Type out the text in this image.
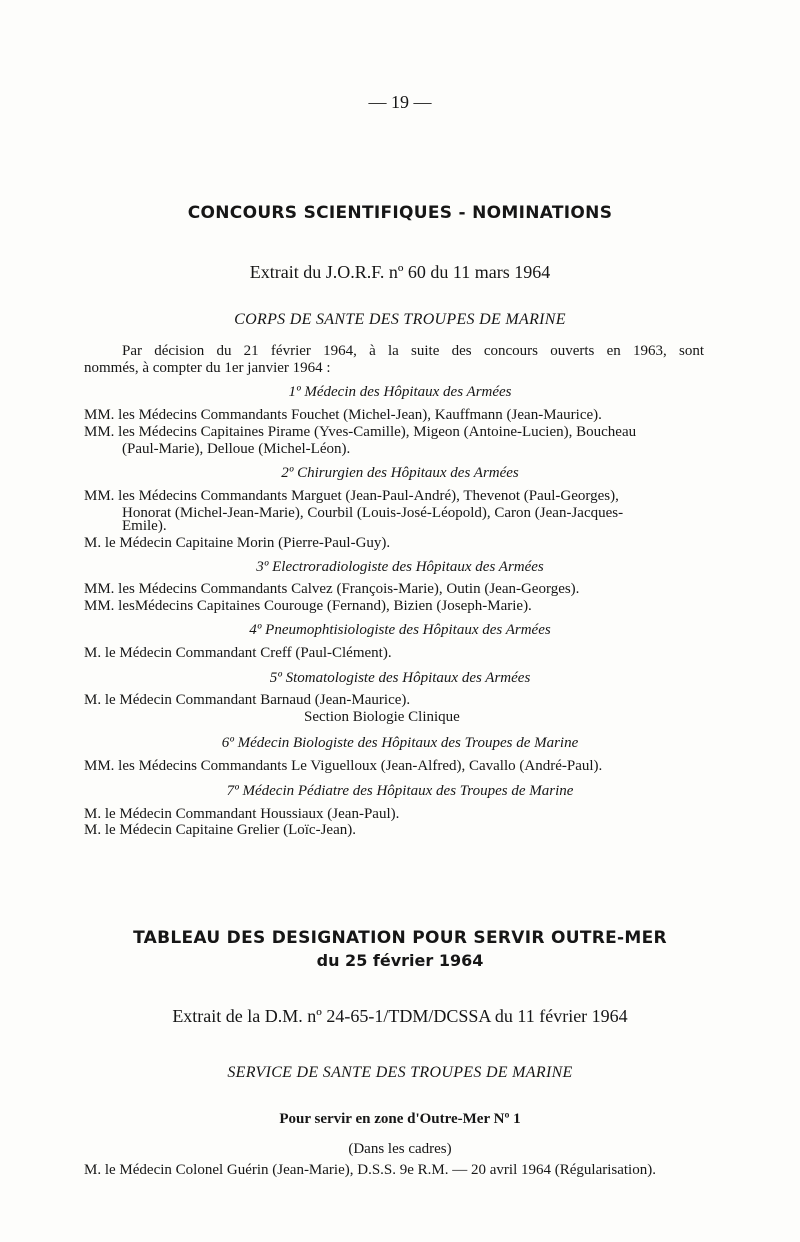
— 19 —
CONCOURS SCIENTIFIQUES - NOMINATIONS
Extrait du J.O.R.F. nº 60 du 11 mars 1964
CORPS DE SANTE DES TROUPES DE MARINE
Par décision du 21 février 1964, à la suite des concours ouverts en 1963, sont
nommés, à compter du 1er janvier 1964 :
1º Médecin des Hôpitaux des Armées
MM. les Médecins Commandants Fouchet (Michel-Jean), Kauffmann (Jean-Maurice).
MM. les Médecins Capitaines Pirame (Yves-Camille), Migeon (Antoine-Lucien), Boucheau
(Paul-Marie), Delloue (Michel-Léon).
2º Chirurgien des Hôpitaux des Armées
MM. les Médecins Commandants Marguet (Jean-Paul-André), Thevenot (Paul-Georges),
Honorat (Michel-Jean-Marie), Courbil (Louis-José-Léopold), Caron (Jean-Jacques-
Emile).
M. le Médecin Capitaine Morin (Pierre-Paul-Guy).
3º Electroradiologiste des Hôpitaux des Armées
MM. les Médecins Commandants Calvez (François-Marie), Outin (Jean-Georges).
MM. lesMédecins Capitaines Courouge (Fernand), Bizien (Joseph-Marie).
4º Pneumophtisiologiste des Hôpitaux des Armées
M. le Médecin Commandant Creff (Paul-Clément).
5º Stomatologiste des Hôpitaux des Armées
M. le Médecin Commandant Barnaud (Jean-Maurice).
Section Biologie Clinique
6º Médecin Biologiste des Hôpitaux des Troupes de Marine
MM. les Médecins Commandants Le Viguelloux (Jean-Alfred), Cavallo (André-Paul).
7º Médecin Pédiatre des Hôpitaux des Troupes de Marine
M. le Médecin Commandant Houssiaux (Jean-Paul).
M. le Médecin Capitaine Grelier (Loïc-Jean).
TABLEAU DES DESIGNATION POUR SERVIR OUTRE-MER
du 25 février 1964
Extrait de la D.M. nº 24-65-1/TDM/DCSSA du 11 février 1964
SERVICE DE SANTE DES TROUPES DE MARINE
Pour servir en zone d'Outre-Mer Nº 1
(Dans les cadres)
M. le Médecin Colonel Guérin (Jean-Marie), D.S.S. 9e R.M. — 20 avril 1964 (Régularisation).
